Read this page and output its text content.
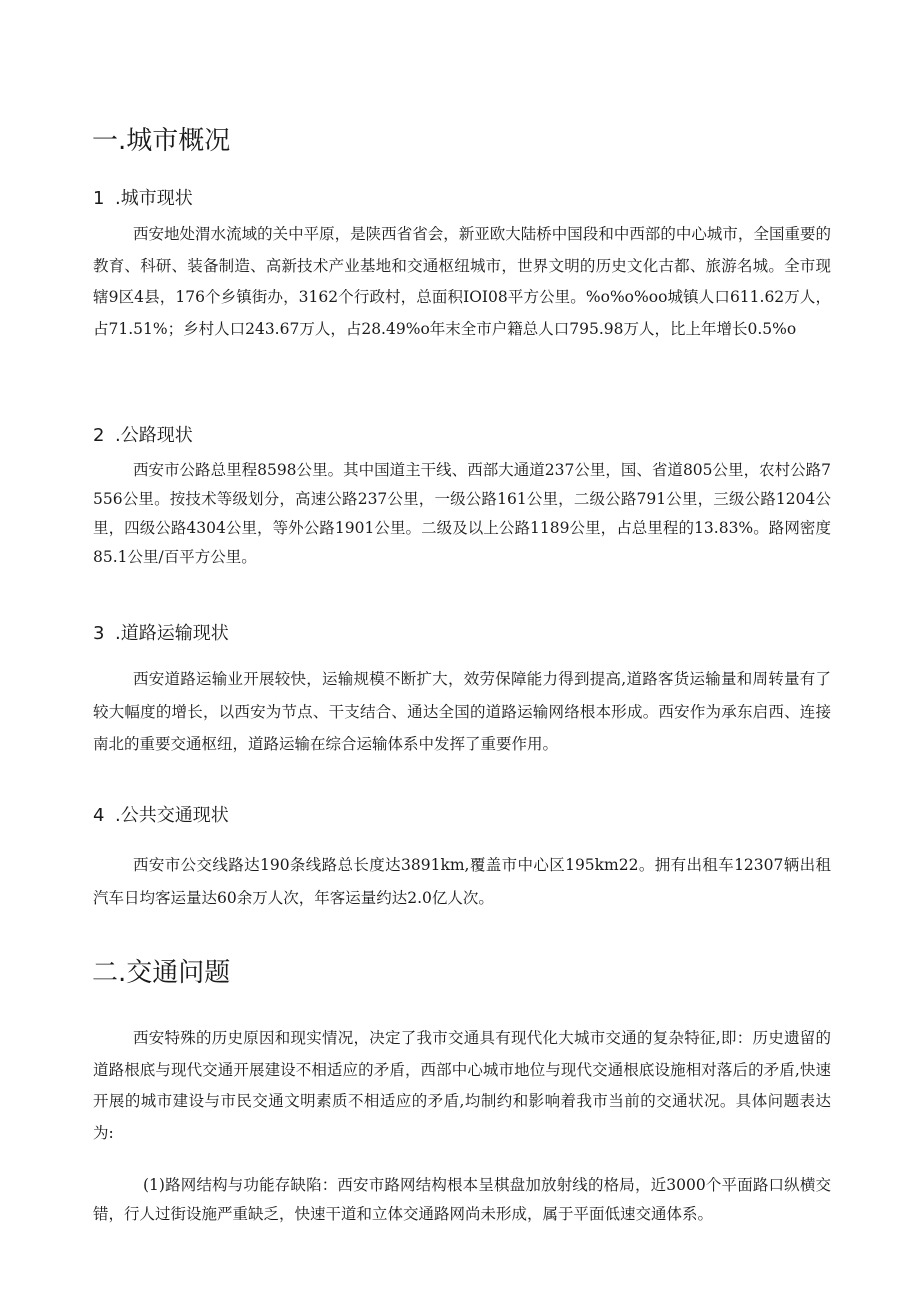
一.城市概况
1 .城市现状

西安地处渭水流域的关中平原，是陕西省省会，新亚欧大陆桥中国段和中西部的中心城市，全国重要的教育、科研、装备制造、高新技术产业基地和交通枢纽城市，世界文明的历史文化古都、旅游名城。全市现辖9区4县，176个乡镇街办，3162个行政村，总面积IOI08平方公里。%o%o%oo城镇人口611.62万人，占71.51%；乡村人口243.67万人，占28.49%o年末全市户籍总人口795.98万人，比上年增长0.5%o

2 .公路现状

西安市公路总里程8598公里。其中国道主干线、西部大通道237公里，国、省道805公里，农村公路7556公里。按技术等级划分，高速公路237公里，一级公路161公里，二级公路791公里，三级公路1204公里，四级公路4304公里，等外公路1901公里。二级及以上公路1189公里，占总里程的13.83%。路网密度85.1公里/百平方公里。

3 .道路运输现状

西安道路运输业开展较快，运输规模不断扩大，效劳保障能力得到提高,道路客货运输量和周转量有了较大幅度的增长，以西安为节点、干支结合、通达全国的道路运输网络根本形成。西安作为承东启西、连接南北的重要交通枢纽，道路运输在综合运输体系中发挥了重要作用。

4 .公共交通现状

西安市公交线路达190条线路总长度达3891km,覆盖市中心区195km22。拥有出租车12307辆出租汽车日均客运量达60余万人次，年客运量约达2.0亿人次。

二.交通问题

西安特殊的历史原因和现实情况，决定了我市交通具有现代化大城市交通的复杂特征,即：历史遗留的道路根底与现代交通开展建设不相适应的矛盾，西部中心城市地位与现代交通根底设施相对落后的矛盾,快速开展的城市建设与市民交通文明素质不相适应的矛盾,均制约和影响着我市当前的交通状况。具体问题表达为:

(1)路网结构与功能存缺陷：西安市路网结构根本呈棋盘加放射线的格局，近3000个平面路口纵横交错，行人过街设施严重缺乏，快速干道和立体交通路网尚未形成，属于平面低速交通体系。
